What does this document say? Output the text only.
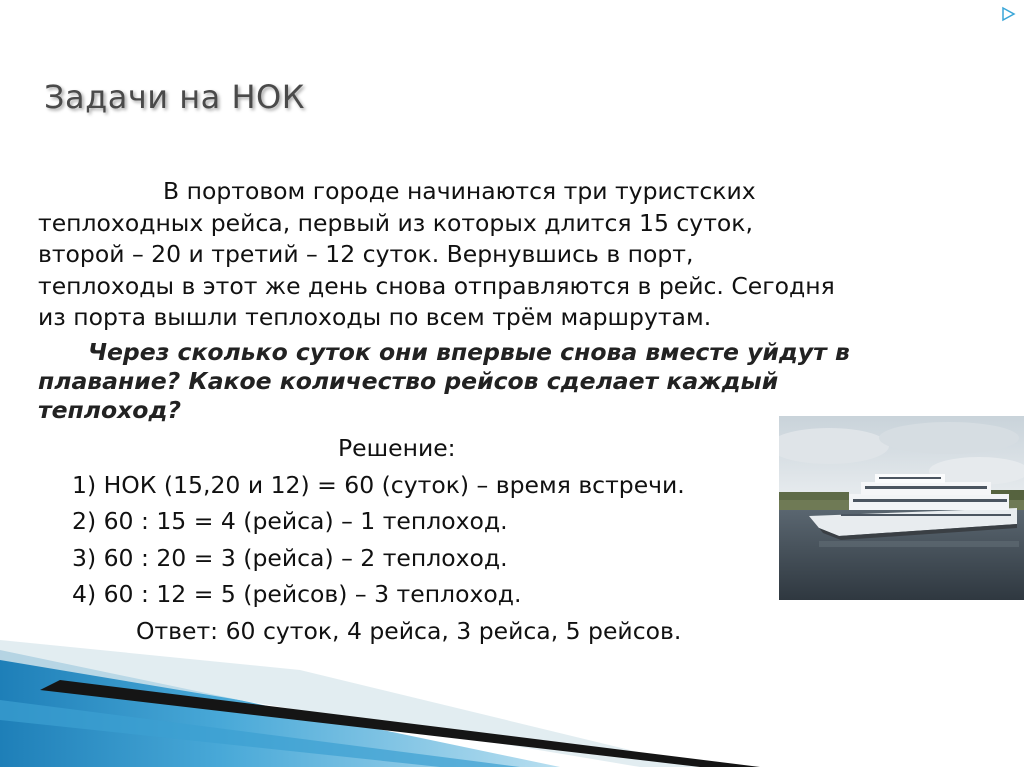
Задачи на НОК
В портовом городе начинаются три туристских
теплоходных рейса, первый из которых длится 15 суток,
второй – 20 и третий – 12 суток. Вернувшись в порт,
теплоходы в этот же день снова отправляются в рейс. Сегодня
из порта вышли теплоходы по всем трём маршрутам.
Через сколько суток они впервые снова вместе уйдут в
плавание? Какое количество рейсов сделает каждый
теплоход?
Решение:
1) НОК (15,20 и 12) = 60 (суток) – время встречи.
2) 60 : 15 = 4 (рейса) – 1 теплоход.
3) 60 : 20 = 3 (рейса) – 2 теплоход.
4) 60 : 12 = 5 (рейсов) – 3 теплоход.
Ответ: 60 суток, 4 рейса, 3 рейса, 5 рейсов.
